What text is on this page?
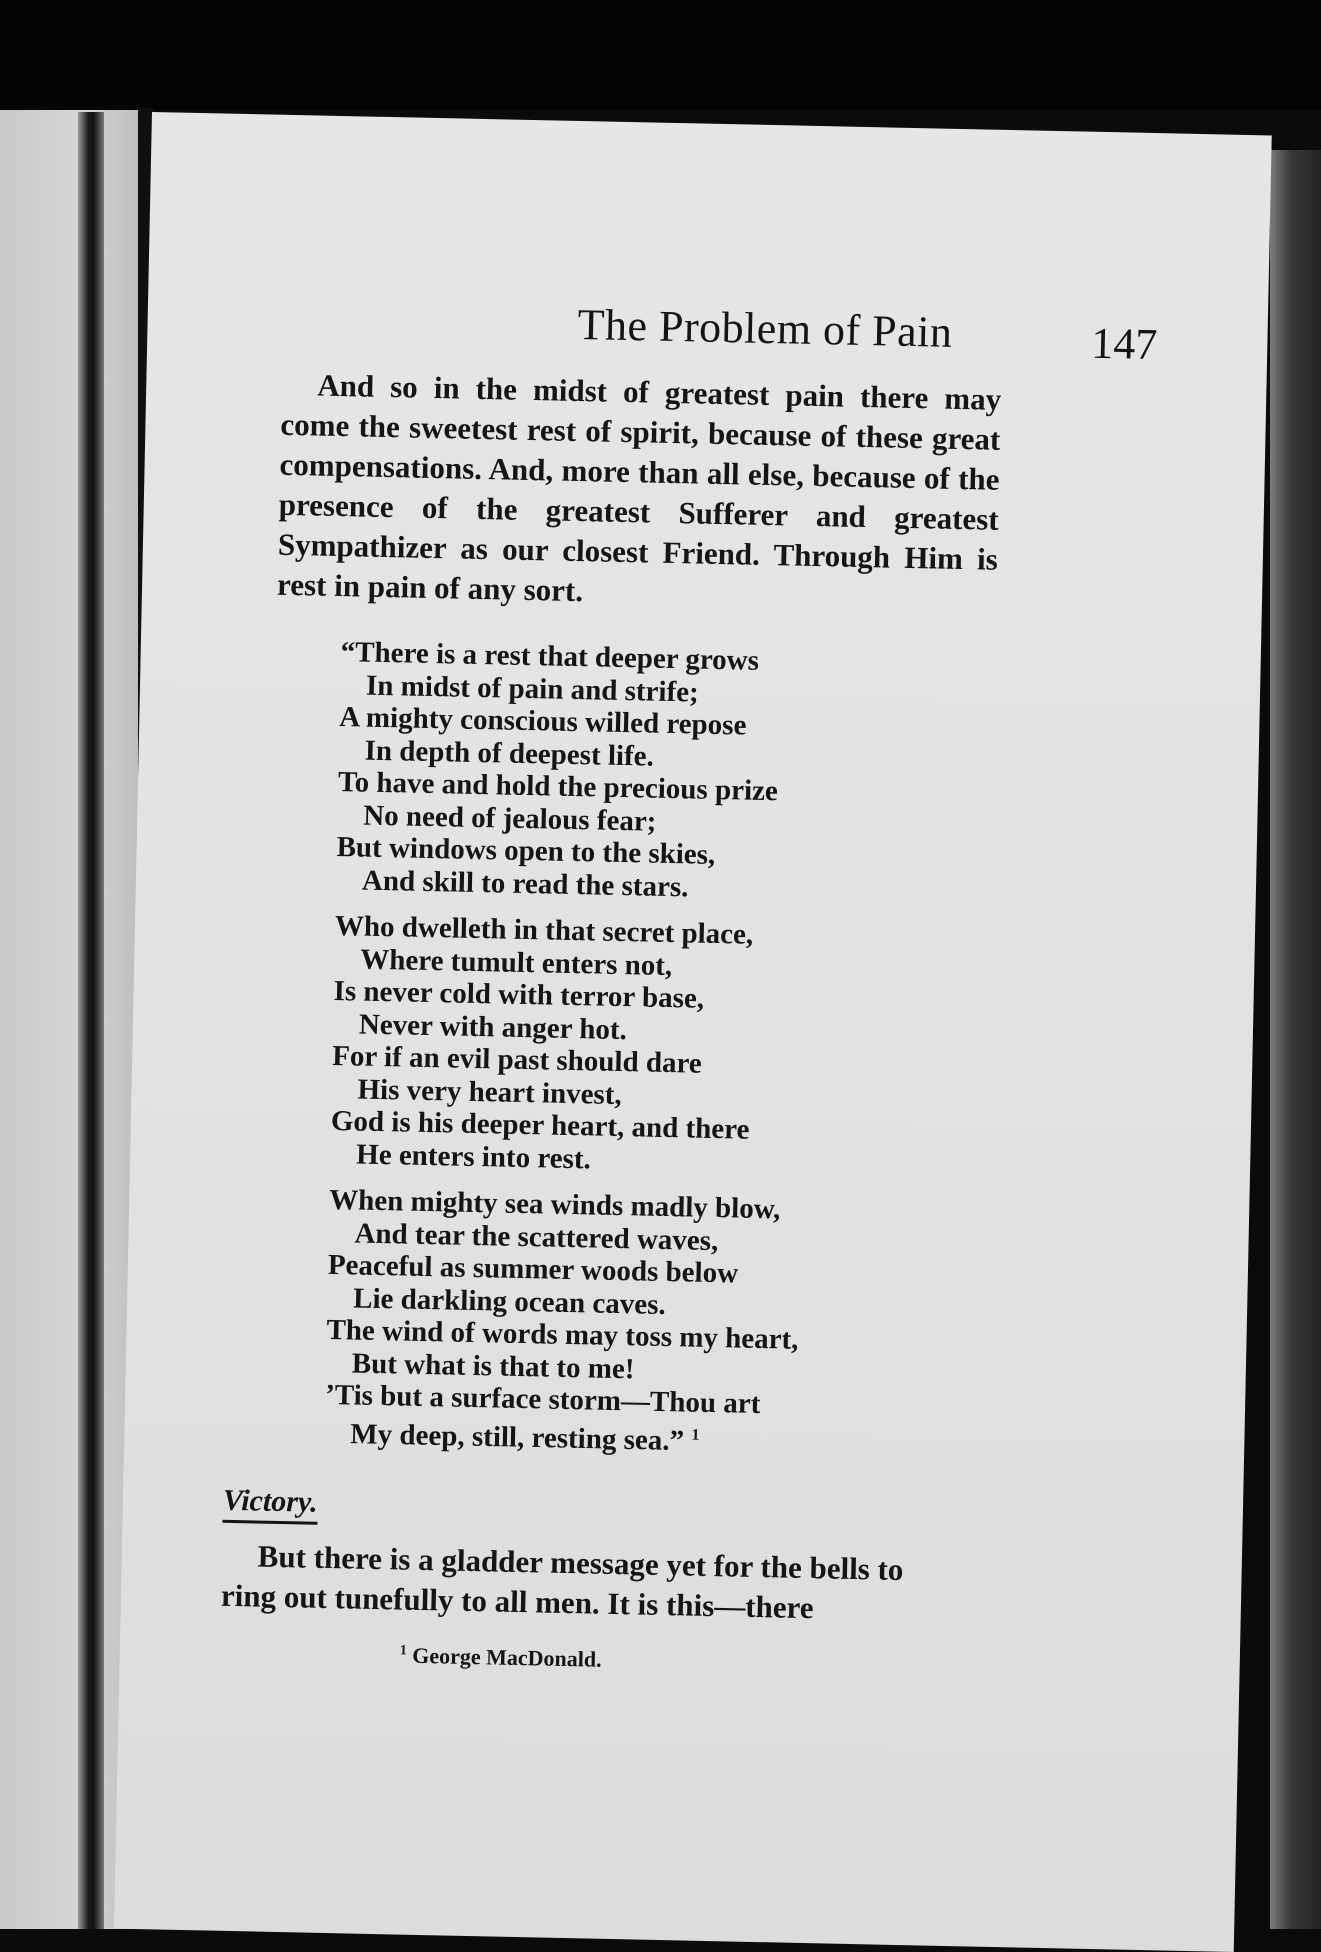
The Problem of Pain	147

And so in the midst of greatest pain there may come the sweetest rest of spirit, because of these great compensations. And, more than all else, because of the presence of the greatest Sufferer and greatest Sympathizer as our closest Friend. Through Him is rest in pain of any sort.

“There is a rest that deeper grows
In midst of pain and strife;
A mighty conscious willed repose
In depth of deepest life.
To have and hold the precious prize
No need of jealous fear;
But windows open to the skies,
And skill to read the stars.
Who dwelleth in that secret place,
Where tumult enters not,
Is never cold with terror base,
Never with anger hot.
For if an evil past should dare
His very heart invest,
God is his deeper heart, and there
He enters into rest.
When mighty sea winds madly blow,
And tear the scattered waves,
Peaceful as summer woods below
Lie darkling ocean caves.
The wind of words may toss my heart,
But what is that to me!
’Tis but a surface storm—Thou art
My deep, still, resting sea.” $^1$
Victory.

But there is a gladder message yet for the bells to ring out tunefully to all men. It is this—there

$^1$ George MacDonald.
